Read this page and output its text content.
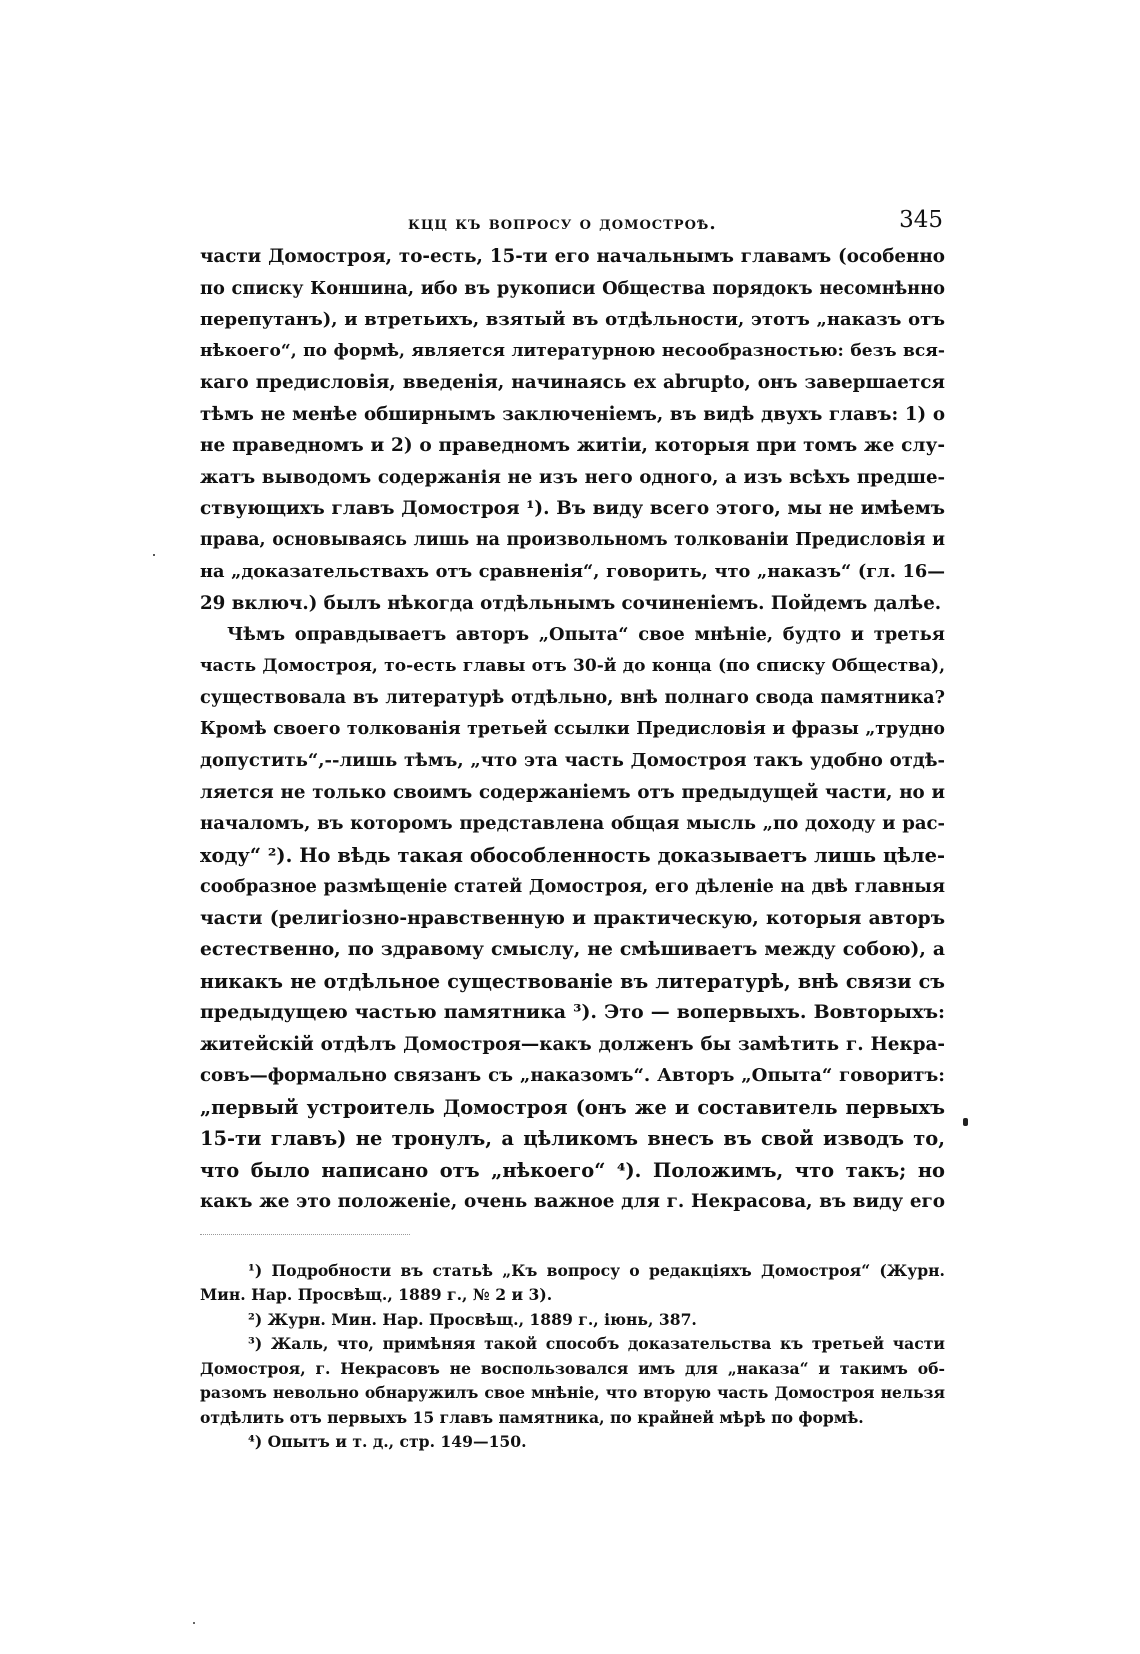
кцц къ вопросу о домостроѣ.	345

части Домостроя, то-есть, 15-ти его начальнымъ главамъ (особенно
по списку Коншина, ибо въ рукописи Общества порядокъ несомнѣнно
перепутанъ), и втретьихъ, взятый въ отдѣльности, этотъ „наказъ отъ
нѣкоего“, по формѣ, является литературною несообразностью: безъ вся-
каго предисловія, введенія, начинаясь ex abrupto, онъ завершается
тѣмъ не менѣе обширнымъ заключеніемъ, въ видѣ двухъ главъ: 1) о
не праведномъ и 2) о праведномъ житіи, которыя при томъ же слу-
жатъ выводомъ содержанія не изъ него одного, а изъ всѣхъ предше-
ствующихъ главъ Домостроя ¹). Въ виду всего этого, мы не имѣемъ
права, основываясь лишь на произвольномъ толкованіи Предисловія и
на „доказательствахъ отъ сравненія“, говорить, что „наказъ“ (гл. 16—
29 включ.) былъ нѣкогда отдѣльнымъ сочиненіемъ. Пойдемъ далѣе.

Чѣмъ оправдываетъ авторъ „Опыта“ свое мнѣніе, будто и третья
часть Домостроя, то-есть главы отъ 30-й до конца (по списку Общества),
существовала въ литературѣ отдѣльно, внѣ полнаго свода памятника?
Кромѣ своего толкованія третьей ссылки Предисловія и фразы „трудно
допустить“,--лишь тѣмъ, „что эта часть Домостроя такъ удобно отдѣ-
ляется не только своимъ содержаніемъ отъ предыдущей части, но и
началомъ, въ которомъ представлена общая мысль „по доходу и рас-
ходу“ ²). Но вѣдь такая обособленность доказываетъ лишь цѣле-
сообразное размѣщеніе статей Домостроя, его дѣленіе на двѣ главныя
части (религіозно-нравственную и практическую, которыя авторъ
естественно, по здравому смыслу, не смѣшиваетъ между собою), а
никакъ не отдѣльное существованіе въ литературѣ, внѣ связи съ
предыдущею частью памятника ³). Это — вопервыхъ. Вовторыхъ:
житейскій отдѣлъ Домостроя—какъ долженъ бы замѣтить г. Некра-
совъ—формально связанъ съ „наказомъ“. Авторъ „Опыта“ говоритъ:
„первый устроитель Домостроя (онъ же и составитель первыхъ
15-ти главъ) не тронулъ, а цѣликомъ внесъ въ свой изводъ то,
что было написано отъ „нѣкоего“ ⁴). Положимъ, что такъ; но
какъ же это положеніе, очень важное для г. Некрасова, въ виду его

¹) Подробности въ статьѣ „Къ вопросу о редакціяхъ Домостроя“ (Журн.
Мин. Нар. Просвѣщ., 1889 г., № 2 и 3).

²) Журн. Мин. Нар. Просвѣщ., 1889 г., іюнь, 387.

³) Жаль, что, примѣняя такой способъ доказательства къ третьей части
Домостроя, г. Некрасовъ не воспользовался имъ для „наказа“ и такимъ об-
разомъ невольно обнаружилъ свое мнѣніе, что вторую часть Домостроя нельзя
отдѣлить отъ первыхъ 15 главъ памятника, по крайней мѣрѣ по формѣ.

⁴) Опытъ и т. д., стр. 149—150.
